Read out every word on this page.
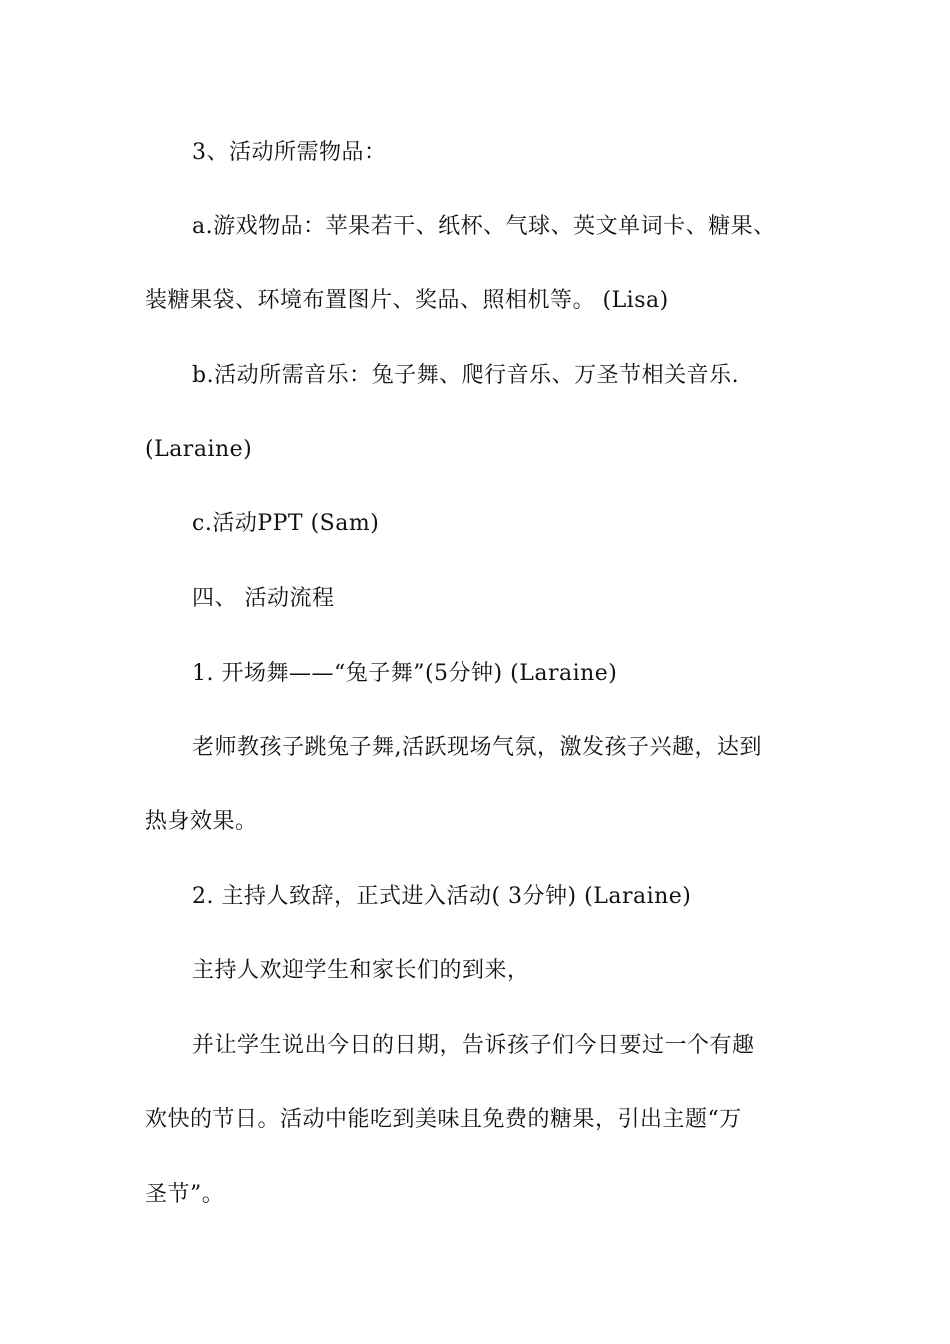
3、活动所需物品：
a.游戏物品：苹果若干、纸杯、气球、英文单词卡、糖果、
装糖果袋、环境布置图片、奖品、照相机等。 (Lisa)
b.活动所需音乐：兔子舞、爬行音乐、万圣节相关音乐.
(Laraine)
c.活动PPT (Sam)
四、 活动流程
1. 开场舞——“兔子舞”(5分钟) (Laraine)
老师教孩子跳兔子舞,活跃现场气氛，激发孩子兴趣，达到
热身效果。
2. 主持人致辞，正式进入活动( 3分钟) (Laraine)
主持人欢迎学生和家长们的到来，
并让学生说出今日的日期，告诉孩子们今日要过一个有趣
欢快的节日。活动中能吃到美味且免费的糖果，引出主题“万
圣节”。
